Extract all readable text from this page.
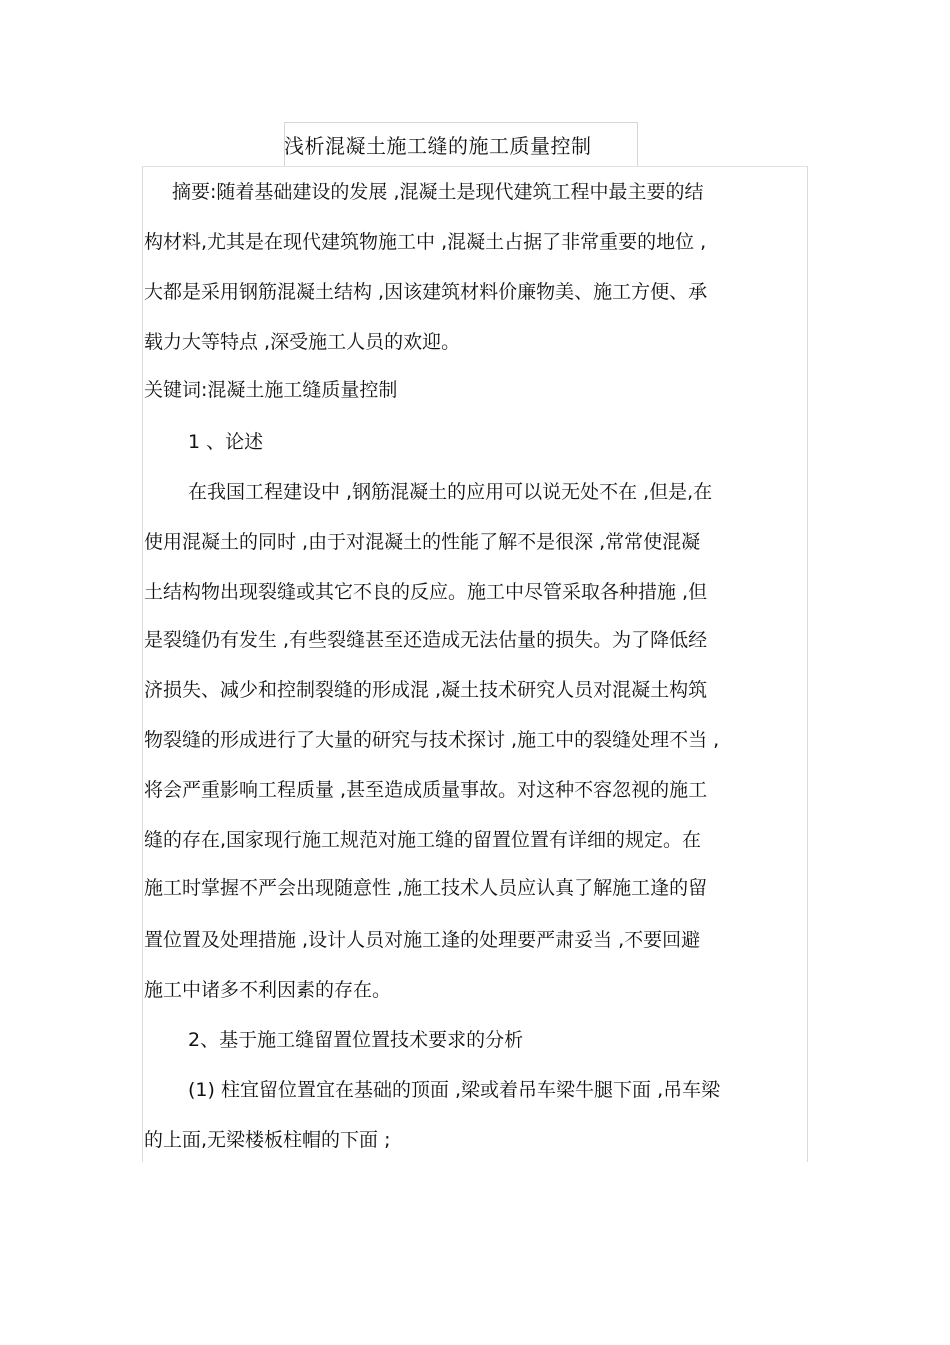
浅析混凝土施工缝的施工质量控制
摘要:随着基础建设的发展 ,混凝土是现代建筑工程中最主要的结
构材料,尤其是在现代建筑物施工中 ,混凝土占据了非常重要的地位 ,
大都是采用钢筋混凝土结构 ,因该建筑材料价廉物美、施工方便、承
载力大等特点 ,深受施工人员的欢迎。
关键词:混凝土施工缝质量控制
1 、论述
在我国工程建设中 ,钢筋混凝土的应用可以说无处不在 ,但是,在
使用混凝土的同时 ,由于对混凝土的性能了解不是很深 ,常常使混凝
土结构物出现裂缝或其它不良的反应。施工中尽管采取各种措施 ,但
是裂缝仍有发生 ,有些裂缝甚至还造成无法估量的损失。为了降低经
济损失、减少和控制裂缝的形成混 ,凝土技术研究人员对混凝土构筑
物裂缝的形成进行了大量的研究与技术探讨 ,施工中的裂缝处理不当 ,
将会严重影响工程质量 ,甚至造成质量事故。对这种不容忽视的施工
缝的存在,国家现行施工规范对施工缝的留置位置有详细的规定。在
施工时掌握不严会出现随意性 ,施工技术人员应认真了解施工逢的留
置位置及处理措施 ,设计人员对施工逢的处理要严肃妥当 ,不要回避
施工中诸多不利因素的存在。
2、基于施工缝留置位置技术要求的分析
(1) 柱宜留位置宜在基础的顶面 ,梁或着吊车梁牛腿下面 ,吊车梁
的上面,无梁楼板柱帽的下面 ;
